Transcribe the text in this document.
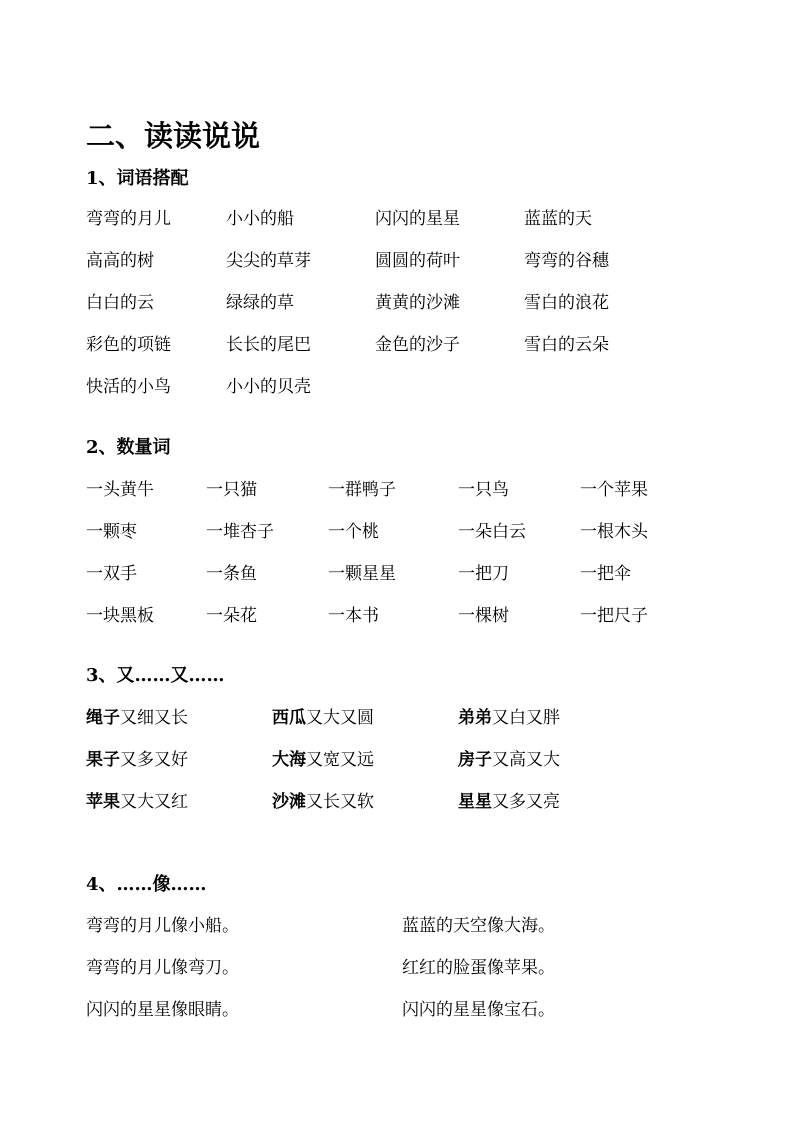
二、读读说说
1、词语搭配
弯弯的月儿	小小的船	闪闪的星星	蓝蓝的天
高高的树	尖尖的草芽	圆圆的荷叶	弯弯的谷穗
白白的云	绿绿的草	黄黄的沙滩	雪白的浪花
彩色的项链	长长的尾巴	金色的沙子	雪白的云朵
快活的小鸟	小小的贝壳
2、数量词
一头黄牛	一只猫	一群鸭子	一只鸟	一个苹果
一颗枣	一堆杏子	一个桃	一朵白云	一根木头
一双手	一条鱼	一颗星星	一把刀	一把伞
一块黑板	一朵花	一本书	一棵树	一把尺子
3、又……又……
绳子又细又长	西瓜又大又圆	弟弟又白又胖
果子又多又好	大海又宽又远	房子又高又大
苹果又大又红	沙滩又长又软	星星又多又亮
4、……像……
弯弯的月儿像小船。	蓝蓝的天空像大海。
弯弯的月儿像弯刀。	红红的脸蛋像苹果。
闪闪的星星像眼睛。	闪闪的星星像宝石。
